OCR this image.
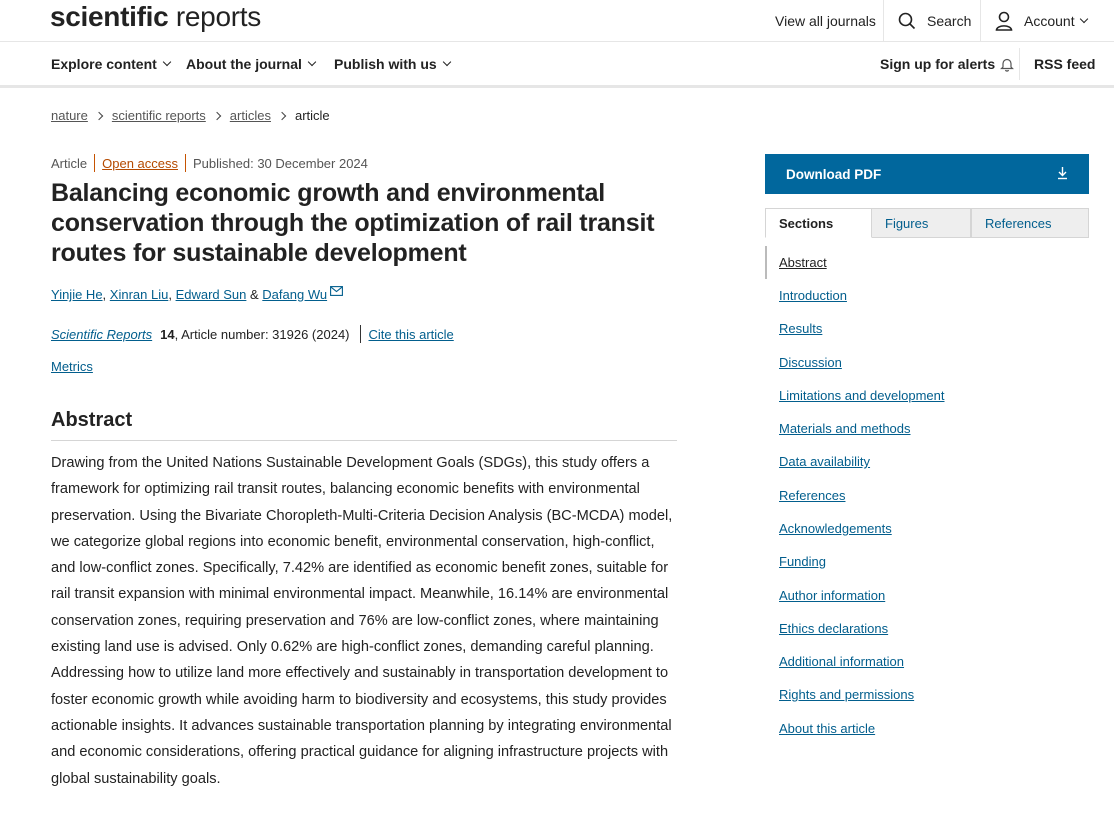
scientific reports	View all journals	Search	Account
Explore content About the journal Publish with us	Sign up for alerts	RSS feed
nature scientific reports articles article
Article Open access Published: 30 December 2024
Balancing economic growth and environmental conservation through the optimization of rail transit routes for sustainable development
Yinjie He , Xinran Liu , Edward Sun & Dafang Wu
Scientific Reports 14 , Article number: 31926 (2024) Cite this article
Metrics
Abstract

Drawing from the United Nations Sustainable Development Goals (SDGs), this study offers a framework for optimizing rail transit routes, balancing economic benefits with environmental preservation. Using the Bivariate Choropleth-Multi-Criteria Decision Analysis (BC-MCDA) model, we categorize global regions into economic benefit, environmental conservation, high-conflict, and low-conflict zones. Specifically, 7.42% are identified as economic benefit zones, suitable for rail transit expansion with minimal environmental impact. Meanwhile, 16.14% are environmental conservation zones, requiring preservation and 76% are low-conflict zones, where maintaining existing land use is advised. Only 0.62% are high-conflict zones, demanding careful planning. Addressing how to utilize land more effectively and sustainably in transportation development to foster economic growth while avoiding harm to biodiversity and ecosystems, this study provides actionable insights. It advances sustainable transportation planning by integrating environmental and economic considerations, offering practical guidance for aligning infrastructure projects with global sustainability goals.

Download PDF
Sections	Figures	References
Abstract
Introduction
Results
Discussion
Limitations and development
Materials and methods
Data availability
References
Acknowledgements
Funding
Author information
Ethics declarations
Additional information
Rights and permissions
About this article
